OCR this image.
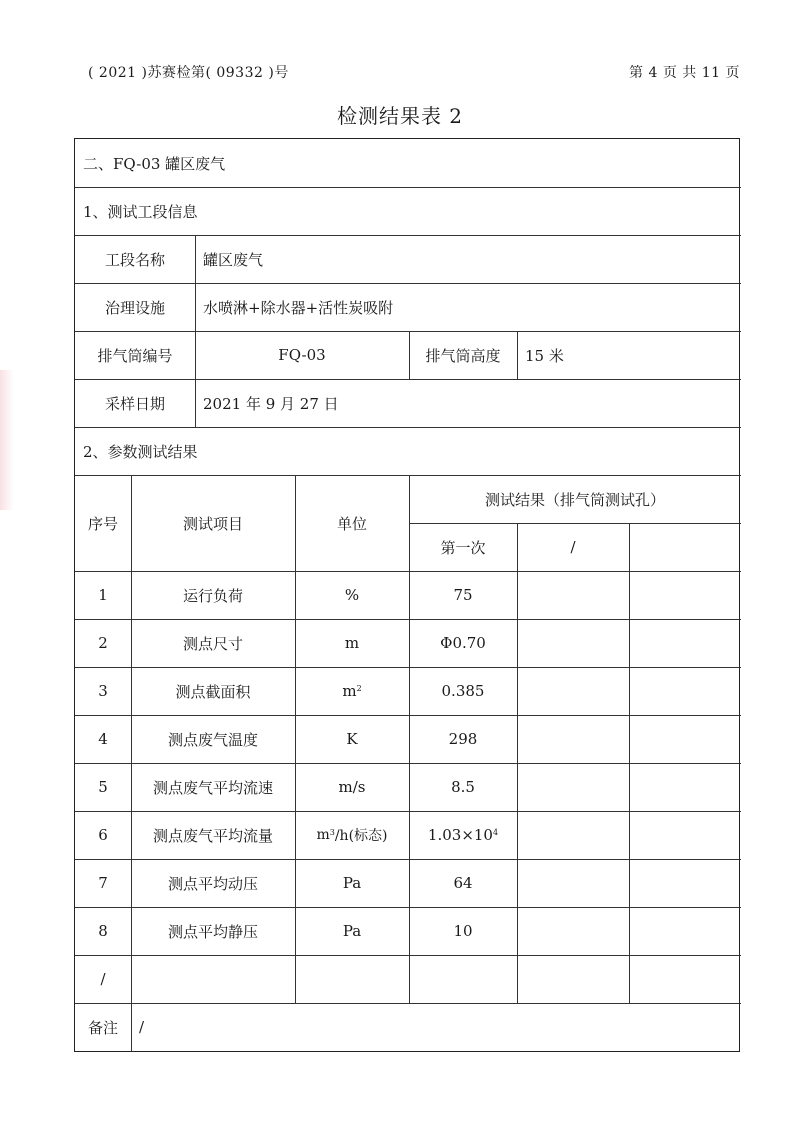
( 2021 )苏赛检第( 09332 )号	第 4 页 共 11 页
检测结果表 2
二、FQ-03 罐区废气
1、测试工段信息
工段名称	罐区废气
治理设施	水喷淋+除水器+活性炭吸附
排气筒编号	FQ-03	排气筒高度	15 米
采样日期	2021 年 9 月 27 日
2、参数测试结果
序号	测试项目	单位
测试结果（排气筒测试孔）
第一次	/
1	运行负荷	%	75
2	测点尺寸	m	Φ0.70
3	测点截面积	$m^2$	0.385
4	测点废气温度	K	298
5	测点废气平均流速	m/s	8.5
6	测点废气平均流量	$m^3$ /h(标态)	$1.03\times 10^4$
7	测点平均动压	Pa	64
8	测点平均静压	Pa	10
/
备注	/
